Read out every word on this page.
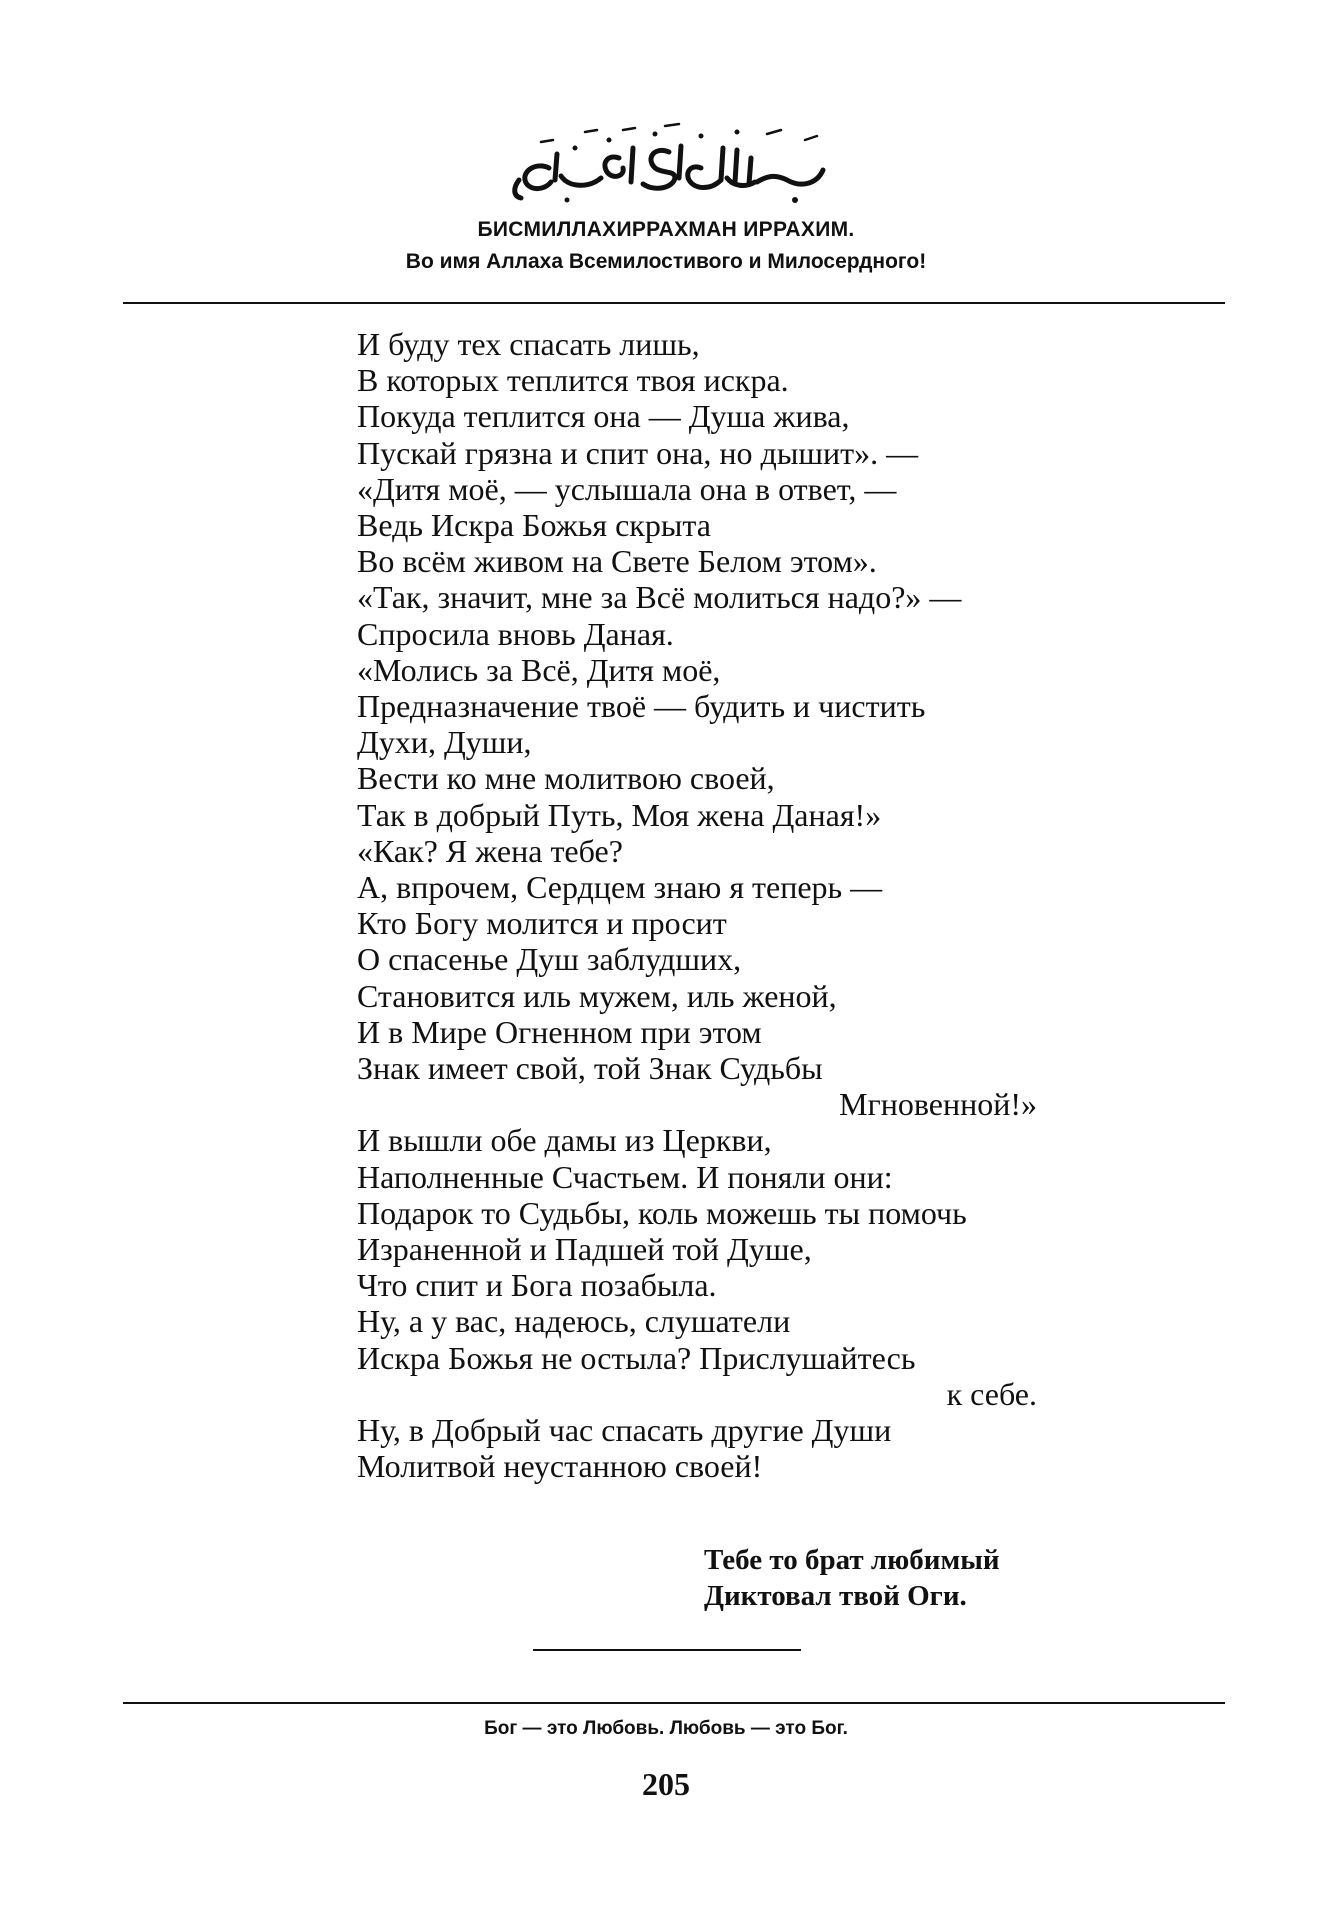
БИСМИЛЛАХИРРАХМАН ИРРАХИМ.
Во имя Аллаха Всемилостивого и Милосердного!
И буду тех спасать лишь,
В которых теплится твоя искра.
Покуда теплится она — Душа жива,
Пускай грязна и спит она, но дышит». —
«Дитя моё, — услышала она в ответ, —
Ведь Искра Божья скрыта
Во всём живом на Свете Белом этом».
«Так, значит, мне за Всё молиться надо?» —
Спросила вновь Даная.
«Молись за Всё, Дитя моё,
Предназначение твоё — будить и чистить
Духи, Души,
Вести ко мне молитвою своей,
Так в добрый Путь, Моя жена Даная!»
«Как? Я жена тебе?
А, впрочем, Сердцем знаю я теперь —
Кто Богу молится и просит
О спасенье Душ заблудших,
Становится иль мужем, иль женой,
И в Мире Огненном при этом
Знак имеет свой, той Знак Судьбы
Мгновенной!»
И вышли обе дамы из Церкви,
Наполненные Счастьем. И поняли они:
Подарок то Судьбы, коль можешь ты помочь
Израненной и Падшей той Душе,
Что спит и Бога позабыла.
Ну, а у вас, надеюсь, слушатели
Искра Божья не остыла? Прислушайтесь
к себе.
Ну, в Добрый час спасать другие Души
Молитвой неустанною своей!
Тебе то брат любимый
Диктовал твой Оги.
Бог — это Любовь. Любовь — это Бог.
205
